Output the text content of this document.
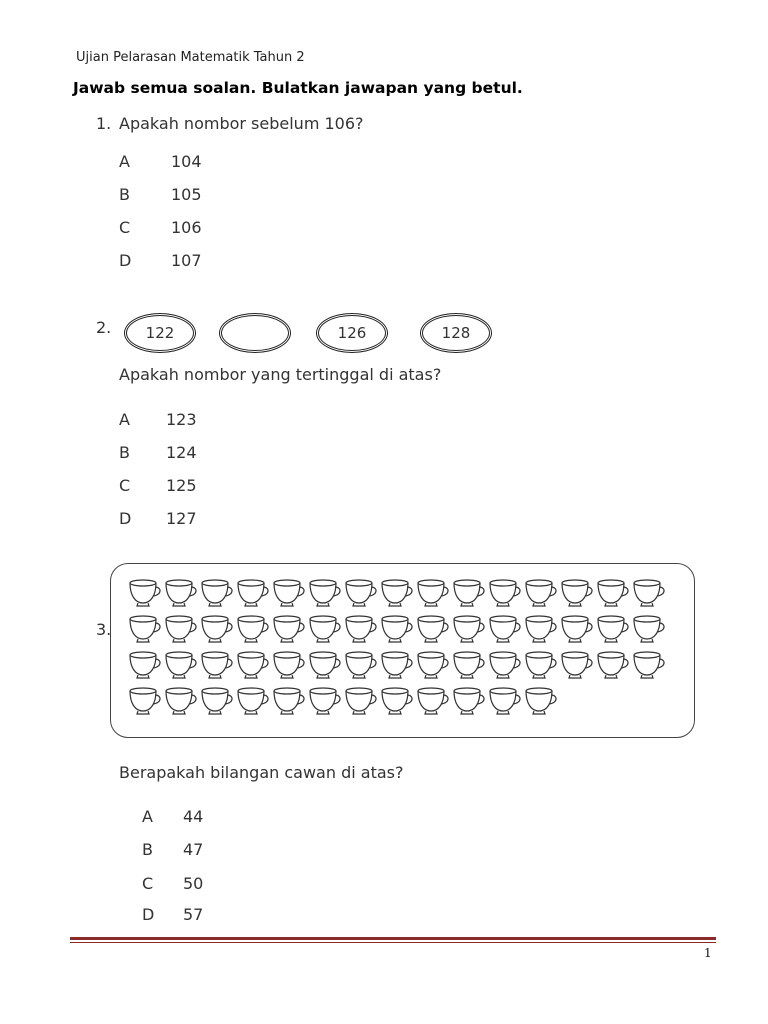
Ujian Pelarasan Matematik Tahun 2
Jawab semua soalan. Bulatkan jawapan yang betul.
1. Apakah nombor sebelum 106?
A	104
B	105
C	106
D 107
2.	122	126	128
Apakah nombor yang tertinggal di atas?
A 123
B 124
C 125
D 127
3.
Berapakah bilangan cawan di atas?
A 44
B 47
C 50
D 57
1
